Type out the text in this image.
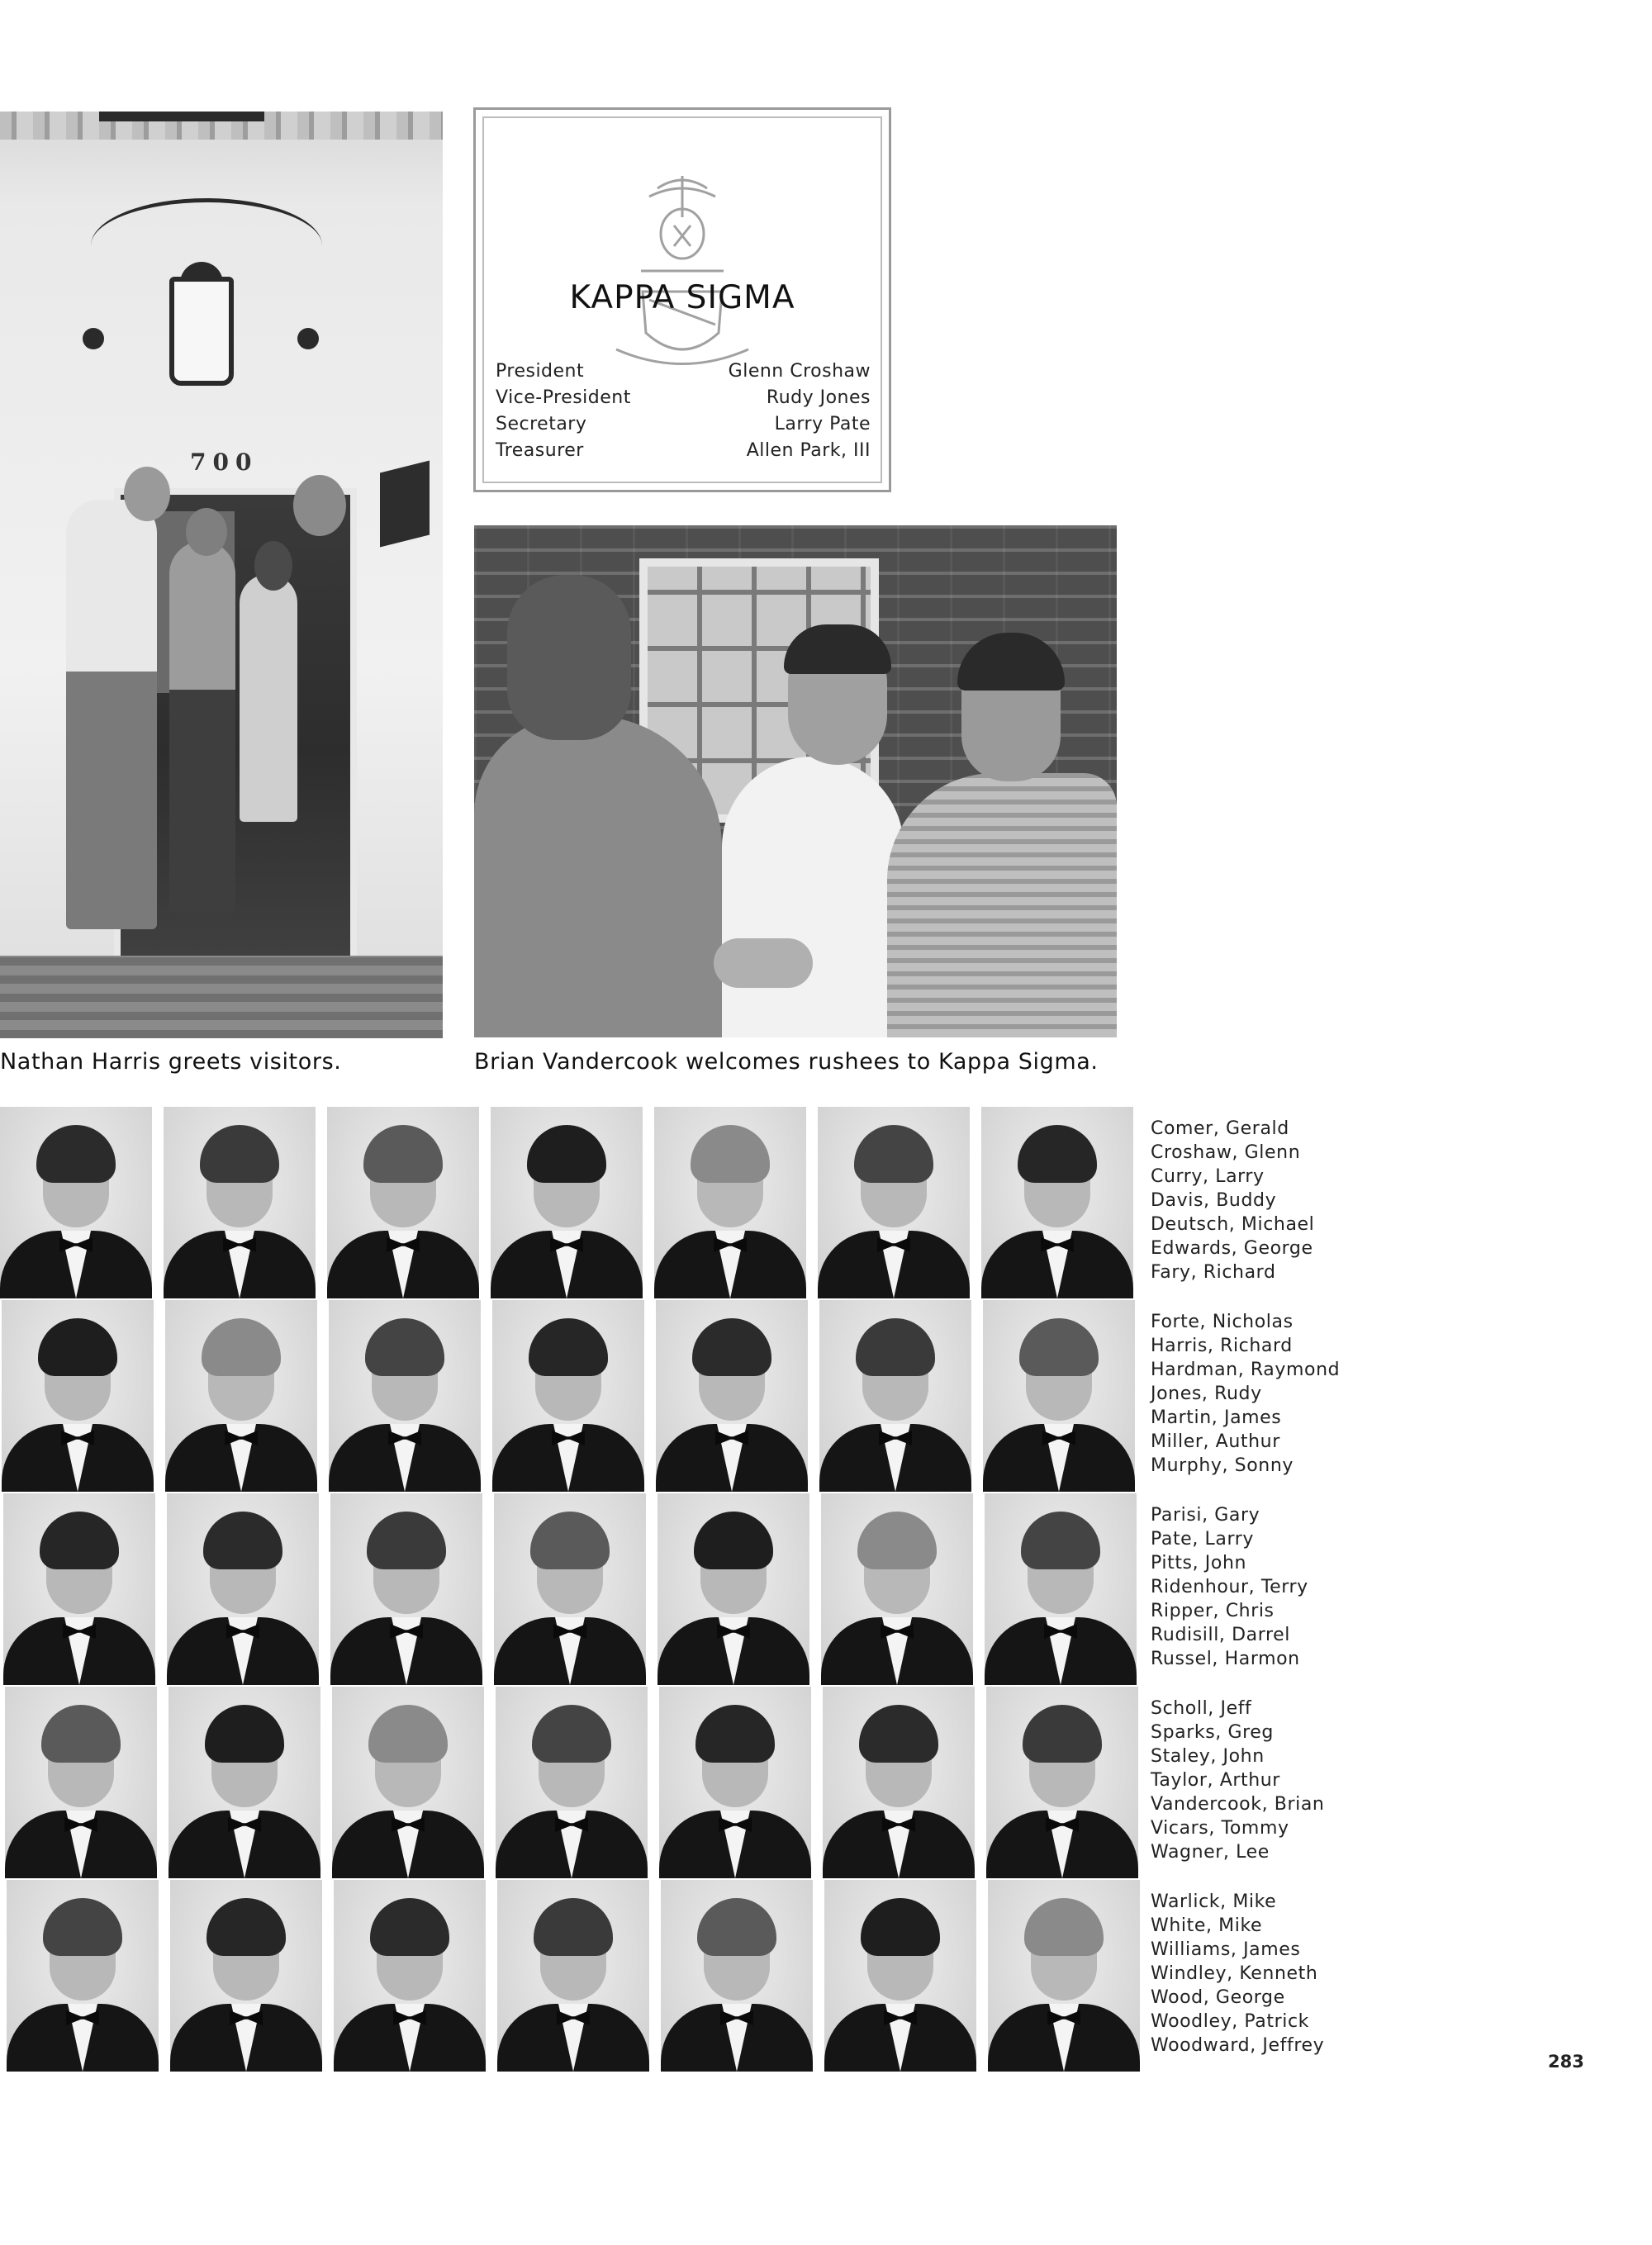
700
Nathan Harris greets visitors.
KAPPA SIGMA
President	Glenn Croshaw
Vice-President	Rudy Jones
Secretary	Larry Pate
Treasurer	Allen Park, III
Brian Vandercook welcomes rushees to Kappa Sigma.
Comer, Gerald
Croshaw, Glenn
Curry, Larry
Davis, Buddy
Deutsch, Michael
Edwards, George
Fary, Richard
Forte, Nicholas
Harris, Richard
Hardman, Raymond
Jones, Rudy
Martin, James
Miller, Authur
Murphy, Sonny
Parisi, Gary
Pate, Larry
Pitts, John
Ridenhour, Terry
Ripper, Chris
Rudisill, Darrel
Russel, Harmon
Scholl, Jeff
Sparks, Greg
Staley, John
Taylor, Arthur
Vandercook, Brian
Vicars, Tommy
Wagner, Lee
Warlick, Mike
White, Mike
Williams, James
Windley, Kenneth
Wood, George
Woodley, Patrick
Woodward, Jeffrey
283
